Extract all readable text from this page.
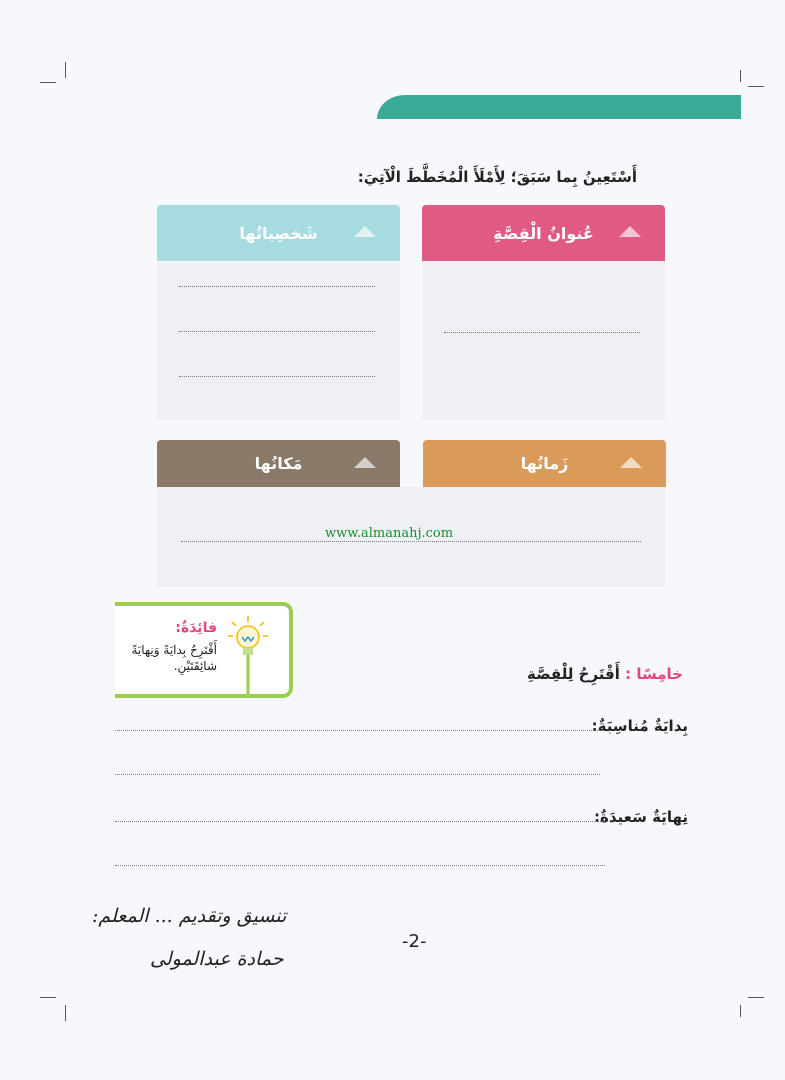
أَسْتَعِينُ بِما سَبَقَ؛ لِأَمْلَأَ الْمُخَطَّطَ الْآتِيَ:
عُنوانُ الْقِصَّةِ
شَخصِياتُها
زَمانُها
مَكانُها
www.almanahj.com
فائِدَةٌ:
أَقْتَرِحُ بِدايَةً وَنِهايَةً شائِقَتَيْنِ.	خامِسًا : أَقْتَرِحُ لِلْقِصَّةِ
بِدايَةٌ مُناسِبَةٌ:
نِهايَةٌ سَعيدَةٌ:
تنسيق وتقديم ... المعلم:
حمادة عبدالمولى
-2-
